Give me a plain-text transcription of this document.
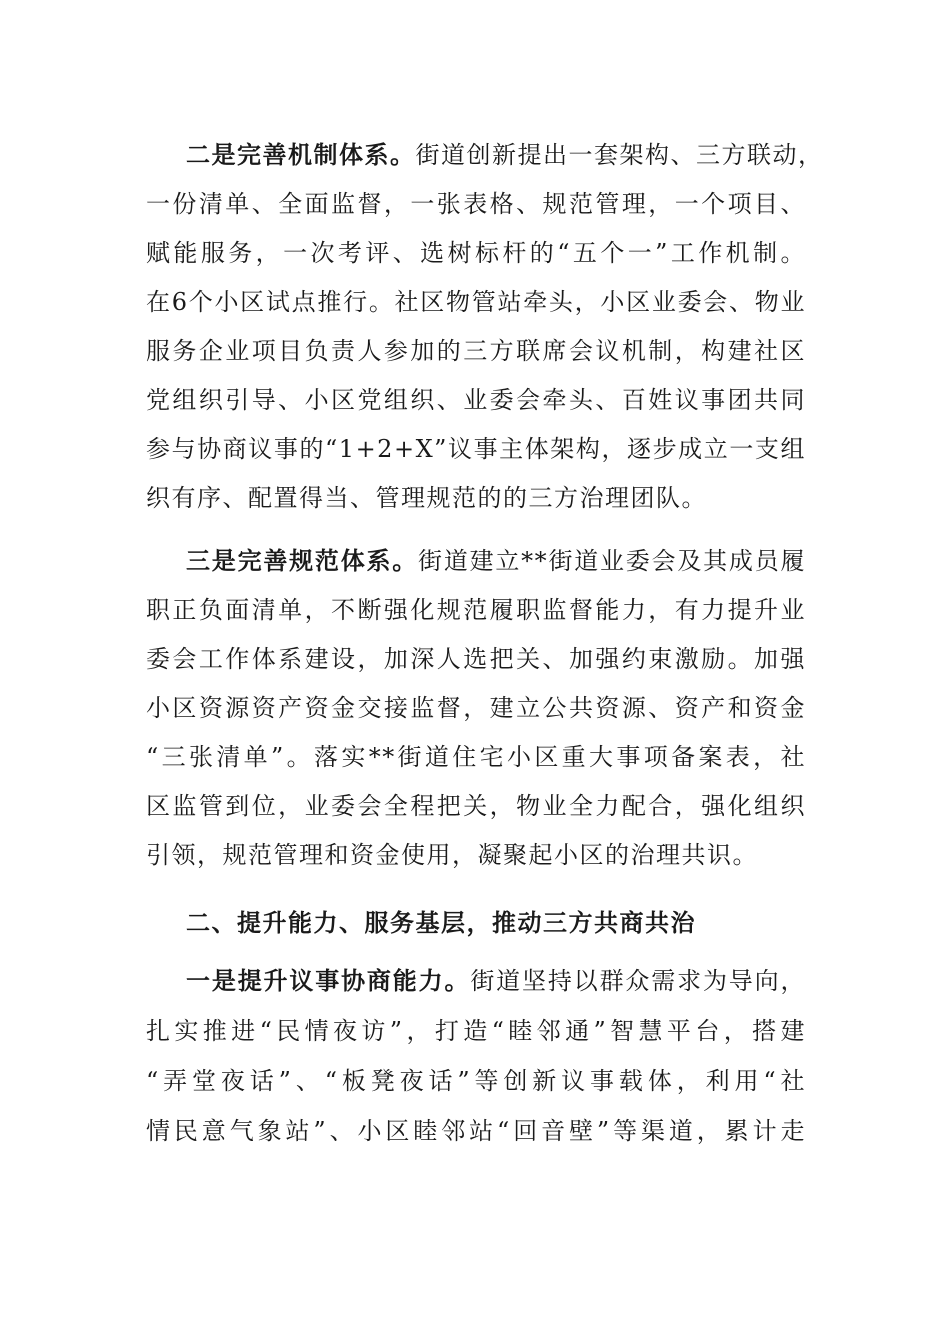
二是完善机制体系。街道创新提出一套架构、三方联动，
一份清单、全面监督，一张表格、规范管理，一个项目、
赋能服务，一次考评、选树标杆的“五个一”工作机制。
在6个小区试点推行。社区物管站牵头，小区业委会、物业
服务企业项目负责人参加的三方联席会议机制，构建社区
党组织引导、小区党组织、业委会牵头、百姓议事团共同
参与协商议事的“1+2+X”议事主体架构，逐步成立一支组
织有序、配置得当、管理规范的的三方治理团队。
三是完善规范体系。街道建立**街道业委会及其成员履
职正负面清单，不断强化规范履职监督能力，有力提升业
委会工作体系建设，加深人选把关、加强约束激励。加强
小区资源资产资金交接监督，建立公共资源、资产和资金
“三张清单”。落实**街道住宅小区重大事项备案表，社
区监管到位，业委会全程把关，物业全力配合，强化组织
引领，规范管理和资金使用，凝聚起小区的治理共识。
二、提升能力、服务基层，推动三方共商共治
一是提升议事协商能力。街道坚持以群众需求为导向，
扎实推进“民情夜访”，打造“睦邻通”智慧平台，搭建
“弄堂夜话”、“板凳夜话”等创新议事载体，利用“社
情民意气象站”、小区睦邻站“回音壁”等渠道，累计走
